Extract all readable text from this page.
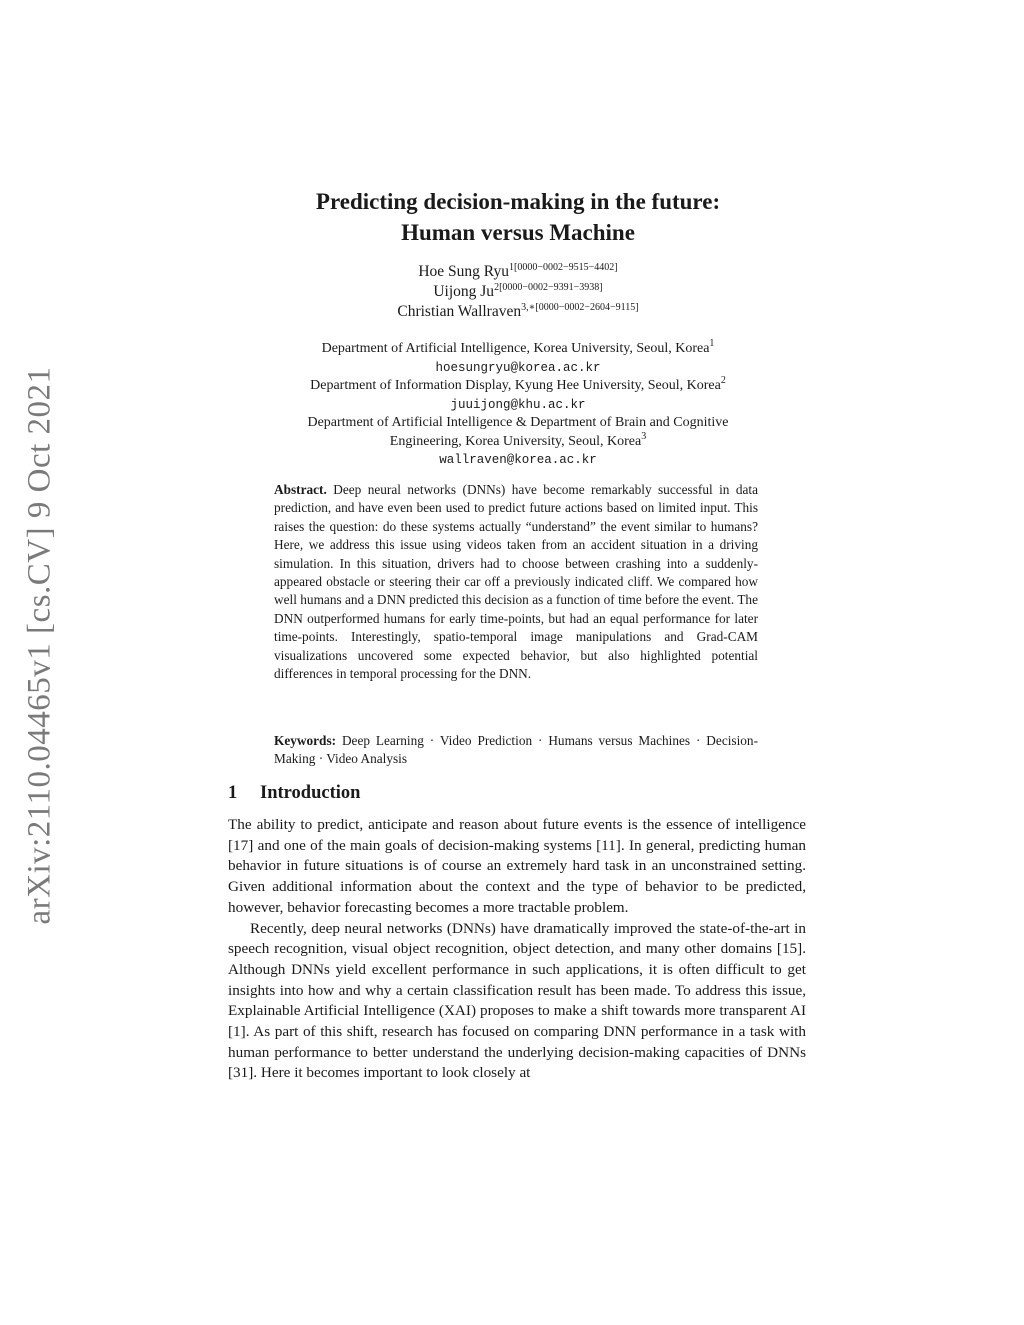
arXiv:2110.04465v1 [cs.CV] 9 Oct 2021
Predicting decision-making in the future:
Human versus Machine
Hoe Sung Ryu$^{1[0000-0002-9515-4402]}$
Uijong $Ju^{2[0000-0002-9391-3938]}$
Christian Wallraven$^{3,∗[0000-0002-2604-9115]}$
Department of Artificial Intelligence, Korea University, Seoul, Korea$^1$
hoesungryu@korea.ac.kr
Department of Information Display, Kyung Hee University, Seoul, Korea$^2$
juuijong@khu.ac.kr
Department of Artificial Intelligence & Department of Brain and Cognitive
Engineering, Korea University, Seoul, Korea$^3$
wallraven@korea.ac.kr
Abstract. Deep neural networks (DNNs) have become remarkably successful in data prediction, and have even been used to predict future actions based on limited input. This raises the question: do these systems actually “understand” the event similar to humans? Here, we address this issue using videos taken from an accident situation in a driving simulation. In this situation, drivers had to choose between crashing into a suddenly-appeared obstacle or steering their car off a previously indicated cliff. We compared how well humans and a DNN predicted this decision as a function of time before the event. The DNN outperformed humans for early time-points, but had an equal performance for later time-points. Interestingly, spatio-temporal image manipulations and Grad-CAM visualizations uncovered some expected behavior, but also highlighted potential differences in temporal processing for the DNN.
Keywords: Deep Learning · Video Prediction · Humans versus Machines · Decision-Making · Video Analysis
1 Introduction

The ability to predict, anticipate and reason about future events is the essence of intelligence [17] and one of the main goals of decision-making systems [11]. In general, predicting human behavior in future situations is of course an extremely hard task in an unconstrained setting. Given additional information about the context and the type of behavior to be predicted, however, behavior forecasting becomes a more tractable problem.

Recently, deep neural networks (DNNs) have dramatically improved the state-of-the-art in speech recognition, visual object recognition, object detection, and many other domains [15]. Although DNNs yield excellent performance in such applications, it is often difficult to get insights into how and why a certain classification result has been made. To address this issue, Explainable Artificial Intelligence (XAI) proposes to make a shift towards more transparent AI [1]. As part of this shift, research has focused on comparing DNN performance in a task with human performance to better understand the underlying decision-making capacities of DNNs [31]. Here it becomes important to look closely at
